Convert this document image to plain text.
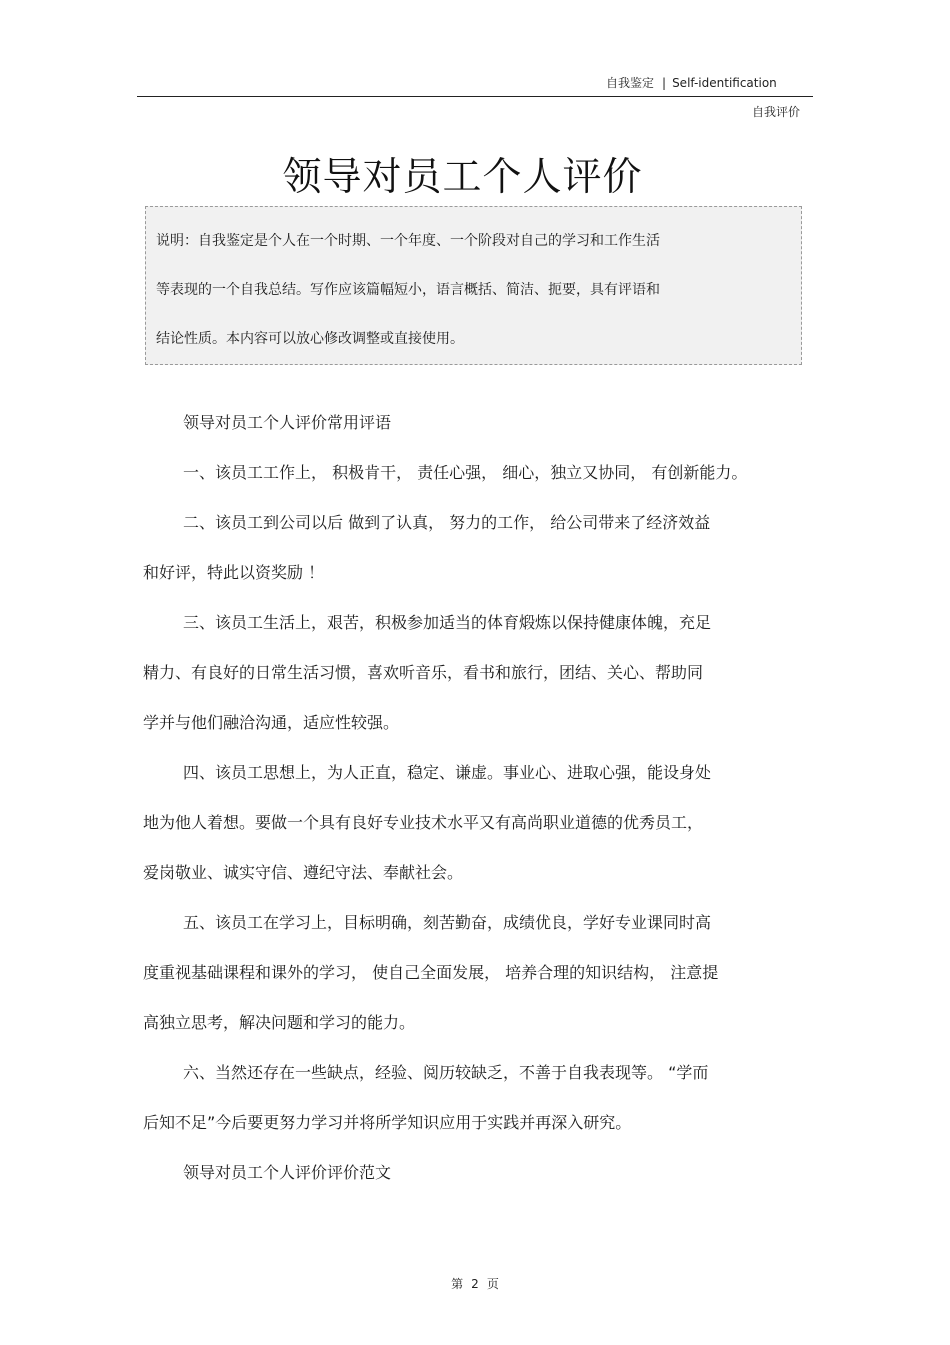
自我鉴定 | Self-identification
自我评价
领导对员工个人评价
说明：自我鉴定是个人在一个时期、一个年度、一个阶段对自己的学习和工作生活
等表现的一个自我总结。写作应该篇幅短小，语言概括、简洁、扼要，具有评语和
结论性质。本内容可以放心修改调整或直接使用。
领导对员工个人评价常用评语
一、该员工工作上， 积极肯干， 责任心强， 细心，独立又协同， 有创新能力。
二、该员工到公司以后 做到了认真， 努力的工作， 给公司带来了经济效益
和好评，特此以资奖励 ！
三、该员工生活上，艰苦，积极参加适当的体育煅炼以保持健康体魄，充足
精力、有良好的日常生活习惯，喜欢听音乐，看书和旅行，团结、关心、帮助同
学并与他们融洽沟通，适应性较强。
四、该员工思想上，为人正直，稳定、谦虚。事业心、进取心强，能设身处
地为他人着想。要做一个具有良好专业技术水平又有高尚职业道德的优秀员工，
爱岗敬业、诚实守信、遵纪守法、奉献社会。
五、该员工在学习上，目标明确，刻苦勤奋，成绩优良，学好专业课同时高
度重视基础课程和课外的学习， 使自己全面发展， 培养合理的知识结构， 注意提
高独立思考，解决问题和学习的能力。
六、当然还存在一些缺点，经验、阅历较缺乏，不善于自我表现等。 “学而
后知不足”今后要更努力学习并将所学知识应用于实践并再深入研究。
领导对员工个人评价评价范文
第 2 页
